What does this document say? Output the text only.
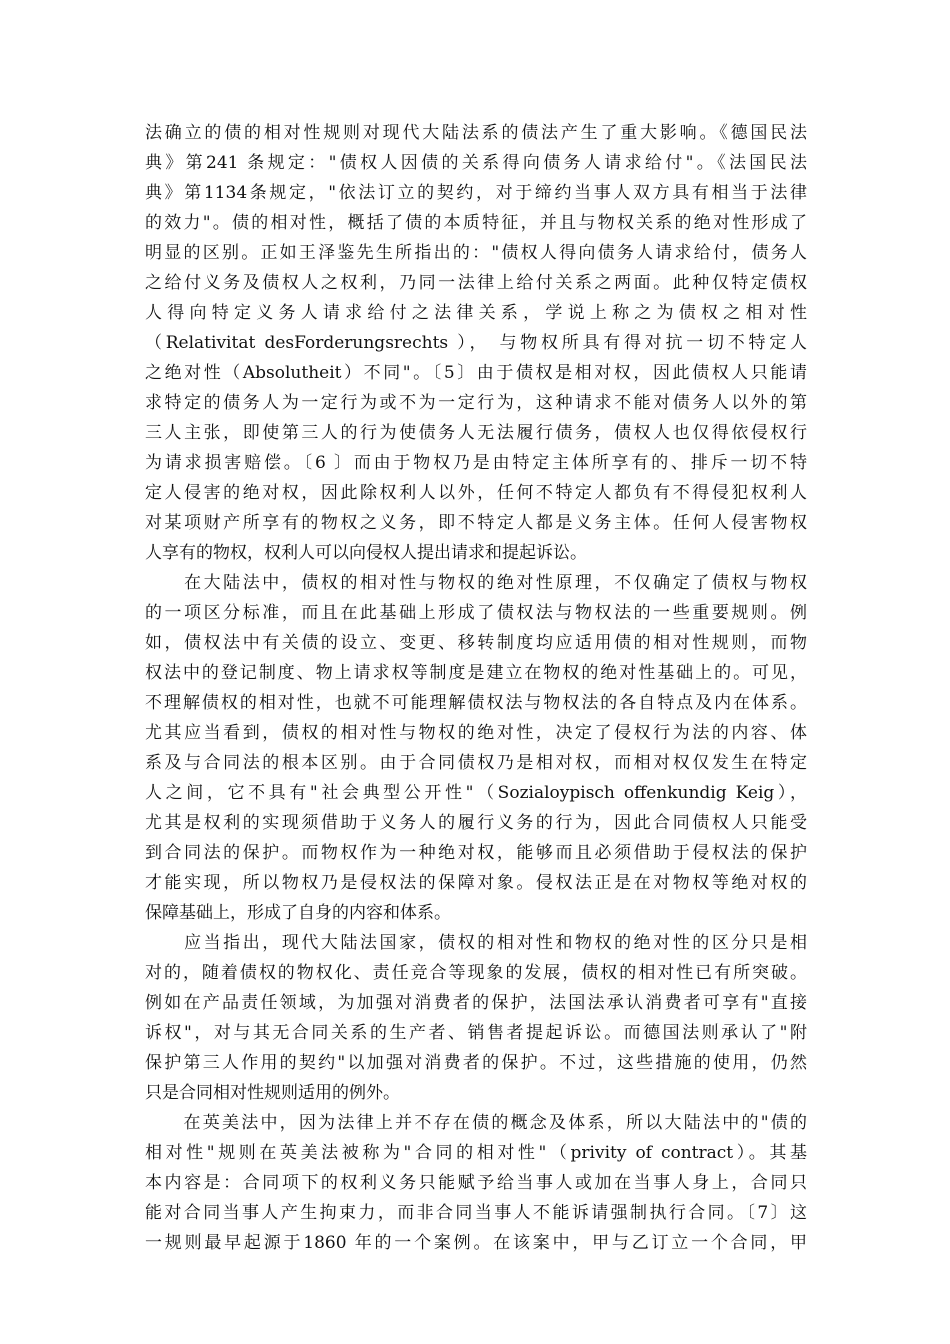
法确立的债的相对性规则对现代大陆法系的债法产生了重大影响。《德国民法
典》第241 条规定："债权人因债的关系得向债务人请求给付"。《法国民法
典》第1134条规定，"依法订立的契约，对于缔约当事人双方具有相当于法律
的效力"。债的相对性，概括了债的本质特征，并且与物权关系的绝对性形成了
明显的区别。正如王泽鉴先生所指出的："债权人得向债务人请求给付，债务人
之给付义务及债权人之权利，乃同一法律上给付关系之两面。此种仅特定债权
人得向特定义务人请求给付之法律关系，学说上称之为债权之相对性
（Relativitat desForderungsrechts ）， 与物权所具有得对抗一切不特定人
之绝对性（Absolutheit）不同"。〔5〕由于债权是相对权，因此债权人只能请
求特定的债务人为一定行为或不为一定行为，这种请求不能对债务人以外的第
三人主张，即使第三人的行为使债务人无法履行债务，债权人也仅得依侵权行
为请求损害赔偿。〔6 〕而由于物权乃是由特定主体所享有的、排斥一切不特
定人侵害的绝对权，因此除权利人以外，任何不特定人都负有不得侵犯权利人
对某项财产所享有的物权之义务，即不特定人都是义务主体。任何人侵害物权
人享有的物权，权利人可以向侵权人提出请求和提起诉讼。
　　在大陆法中，债权的相对性与物权的绝对性原理，不仅确定了债权与物权
的一项区分标准，而且在此基础上形成了债权法与物权法的一些重要规则。例
如，债权法中有关债的设立、变更、移转制度均应适用债的相对性规则，而物
权法中的登记制度、物上请求权等制度是建立在物权的绝对性基础上的。可见，
不理解债权的相对性，也就不可能理解债权法与物权法的各自特点及内在体系。
尤其应当看到，债权的相对性与物权的绝对性，决定了侵权行为法的内容、体
系及与合同法的根本区别。由于合同债权乃是相对权，而相对权仅发生在特定
人之间，它不具有"社会典型公开性"（Sozialoypisch offenkundig Keig），
尤其是权利的实现须借助于义务人的履行义务的行为，因此合同债权人只能受
到合同法的保护。而物权作为一种绝对权，能够而且必须借助于侵权法的保护
才能实现，所以物权乃是侵权法的保障对象。侵权法正是在对物权等绝对权的
保障基础上，形成了自身的内容和体系。
　　应当指出，现代大陆法国家，债权的相对性和物权的绝对性的区分只是相
对的，随着债权的物权化、责任竞合等现象的发展，债权的相对性已有所突破。
例如在产品责任领域，为加强对消费者的保护，法国法承认消费者可享有"直接
诉权"，对与其无合同关系的生产者、销售者提起诉讼。而德国法则承认了"附
保护第三人作用的契约"以加强对消费者的保护。不过，这些措施的使用，仍然
只是合同相对性规则适用的例外。
　　在英美法中，因为法律上并不存在债的概念及体系，所以大陆法中的"债的
相对性"规则在英美法被称为"合同的相对性"（privity of contract）。其基
本内容是：合同项下的权利义务只能赋予给当事人或加在当事人身上，合同只
能对合同当事人产生拘束力，而非合同当事人不能诉请强制执行合同。〔7〕这
一规则最早起源于1860 年的一个案例。在该案中，甲与乙订立一个合同，甲
